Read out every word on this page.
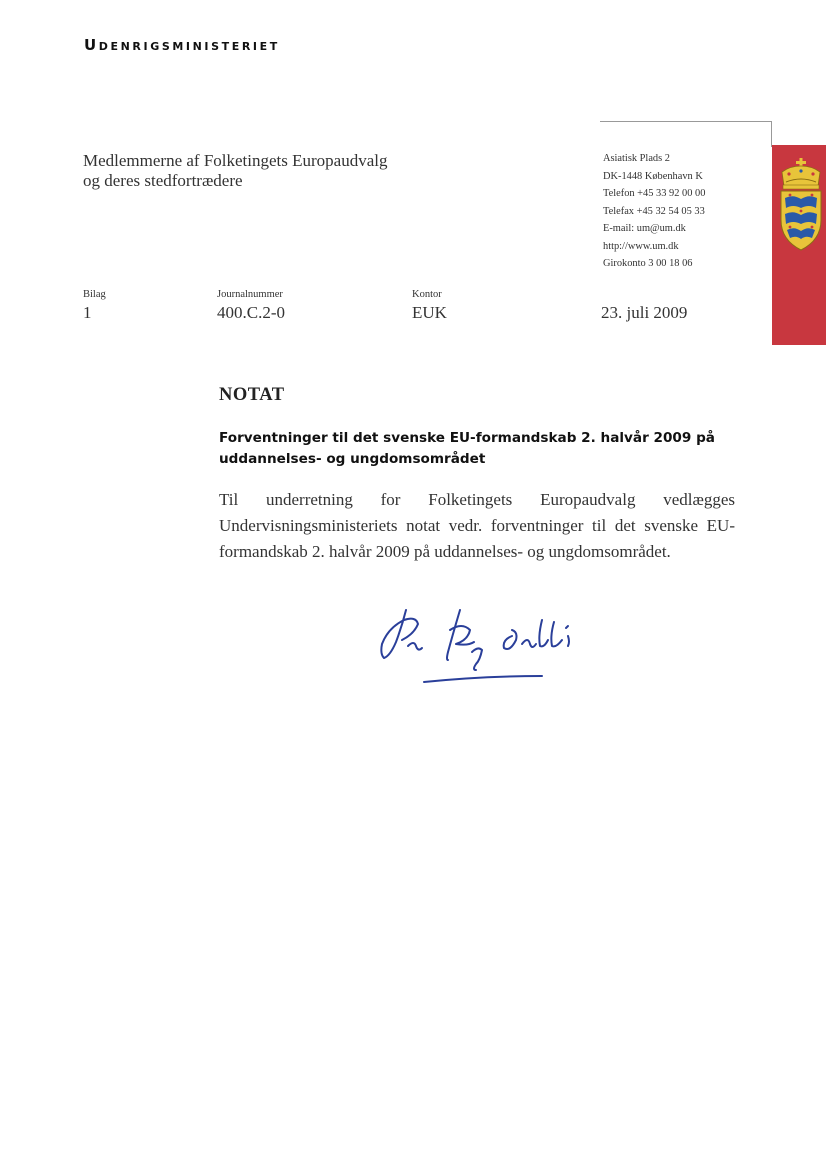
Udenrigsministeriet
Medlemmerne af Folketingets Europaudvalg
og deres stedfortrædere
Asiatisk Plads 2
DK-1448 København K
Telefon +45 33 92 00 00
Telefax +45 32 54 05 33
E-mail: um@um.dk
http://www.um.dk
Girokonto 3 00 18 06
Bilag
1
Journalnummer
400.C.2-0
Kontor
EUK	23. juli 2009
NOTAT
Forventninger til det svenske EU-formandskab 2. halvår 2009 på uddannelses- og ungdomsområdet
Til underretning for Folketingets Europaudvalg vedlægges Undervisningsministeriets notat vedr. forventninger til det svenske EU-formandskab 2. halvår 2009 på uddannelses- og ungdomsområdet.
